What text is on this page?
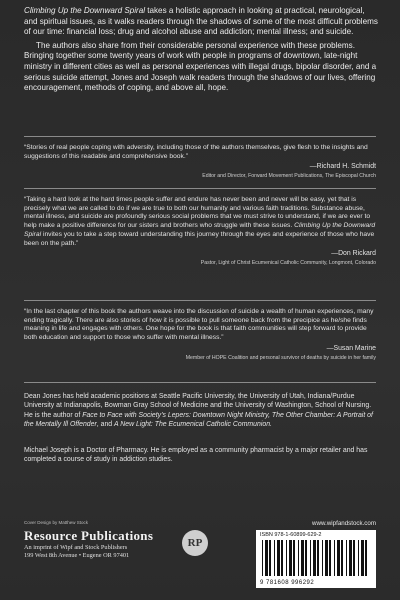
Climbing Up the Downward Spiral takes a holistic approach in looking at practical, neurological, and spiritual issues, as it walks readers through the shadows of some of the most difficult problems of our time: financial loss; drug and alcohol abuse and addiction; mental illness; and suicide.

The authors also share from their considerable personal experience with these problems. Bringing together some twenty years of work with people in programs of downtown, late-night ministry in different cities as well as personal experiences with illegal drugs, bipolar disorder, and a serious suicide attempt, Jones and Joseph walk readers through the shadows of our lives, offering encouragement, methods of coping, and above all, hope.

“Stories of real people coping with adversity, including those of the authors themselves, give flesh to the insights and suggestions of this readable and comprehensive book.”

—Richard H. Schmidt
Editor and Director, Forward Movement Publications, The Episcopal Church

“Taking a hard look at the hard times people suffer and endure has never been and never will be easy, yet that is precisely what we are called to do if we are true to both our humanity and various faith traditions. Substance abuse, mental illness, and suicide are profoundly serious social problems that we must strive to understand, if we are ever to help make a positive difference for our sisters and brothers who struggle with these issues. Climbing Up the Downward Spiral invites you to take a step toward understanding this journey through the eyes and experience of those who have been on the path.”

—Don Rickard
Pastor, Light of Christ Ecumenical Catholic Community, Longmont, Colorado

“In the last chapter of this book the authors weave into the discussion of suicide a wealth of human experiences, many ending tragically. There are also stories of how it is possible to pull someone back from the precipice as he/she finds meaning in life and engages with others. One hope for the book is that faith communities will step forward to provide both education and support to those who suffer with mental illness.”

—Susan Marine
Member of HOPE Coalition and personal survivor of deaths by suicide in her family

Dean Jones has held academic positions at Seattle Pacific University, the University of Utah, Indiana/Purdue University at Indianapolis, Bowman Gray School of Medicine and the University of Washington, School of Nursing. He is the author of Face to Face with Society’s Lepers: Downtown Night Ministry, The Other Chamber: A Portrait of the Mentally Ill Offender, and A New Light: The Ecumenical Catholic Communion.

Michael Joseph is a Doctor of Pharmacy. He is employed as a community pharmacist by a major retailer and has completed a course of study in addiction studies.

Cover Design by Matthew Stock
Resource Publications
An imprint of Wipf and Stock Publishers
199 West 8th Avenue • Eugene OR 97401
RP
www.wipfandstock.com
ISBN 978-1-60899-629-2
9 781608 996292
